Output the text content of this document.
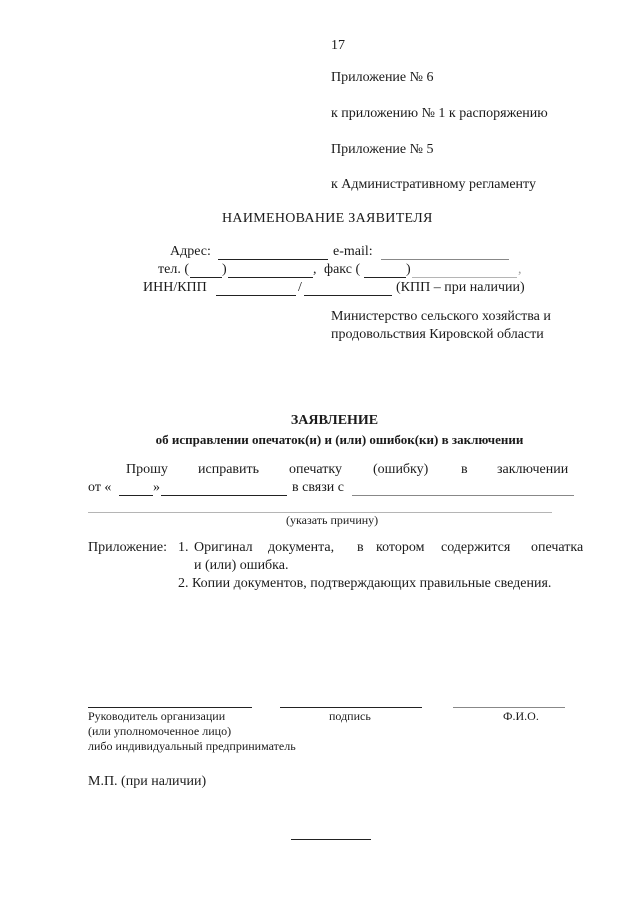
17
Приложение № 6
к приложению № 1 к распоряжению
Приложение № 5
к Административному регламенту
НАИМЕНОВАНИЕ ЗАЯВИТЕЛЯ
Адрес:	e-mail:
тел. ( )	, факс (	)	,
ИНН/КПП	/	(КПП – при наличии)
Министерство сельского хозяйства и
продовольствия Кировской области
ЗАЯВЛЕНИЕ
об исправлении опечаток(и) и (или) ошибок(ки) в заключении
Прошу исправить опечатку (ошибку) в заключении
от «	»	в связи с
(указать причину)
Приложение: 1. Оригинал документа, в котором содержится опечатка
и (или) ошибка.
2. Копии документов, подтверждающих правильные сведения.
Руководитель организации	подпись	Ф.И.О.
(или уполномоченное лицо)
либо индивидуальный предприниматель
М.П. (при наличии)
